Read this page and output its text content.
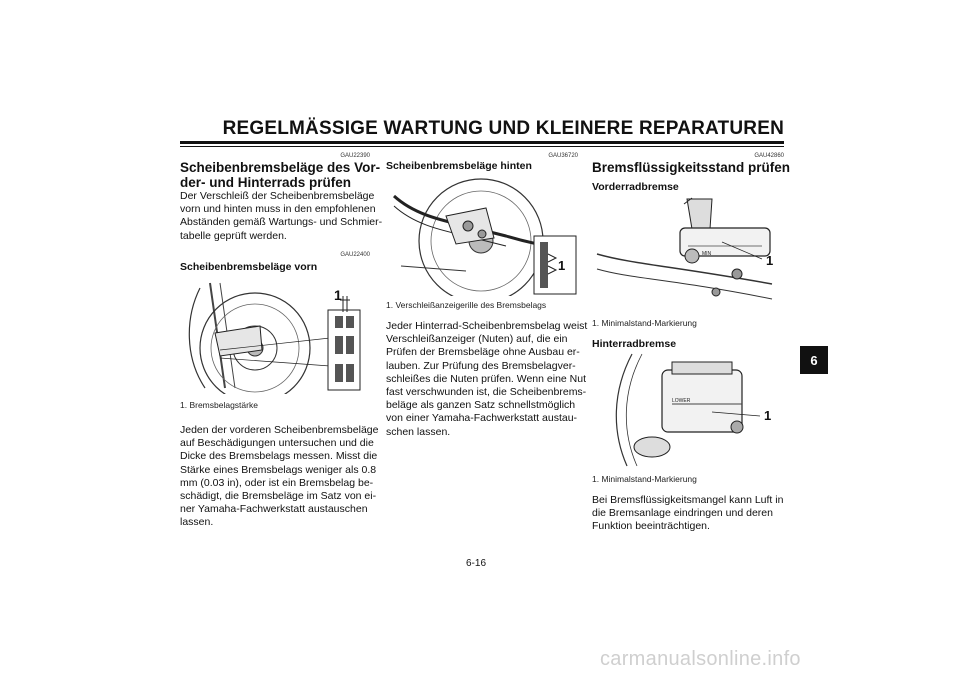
REGELMÄSSIGE WARTUNG UND KLEINERE REPARATUREN
GAU22390
Scheibenbremsbeläge des Vor-
der- und Hinterrads prüfen
Der Verschleiß der Scheibenbremsbeläge
vorn und hinten muss in den empfohlenen
Abständen gemäß Wartungs- und Schmier-
tabelle geprüft werden.
GAU22400
Scheibenbremsbeläge vorn
1
1. Bremsbelagstärke
Jeden der vorderen Scheibenbremsbeläge
auf Beschädigungen untersuchen und die
Dicke des Bremsbelags messen. Misst die
Stärke eines Bremsbelags weniger als 0.8
mm (0.03 in), oder ist ein Bremsbelag be-
schädigt, die Bremsbeläge im Satz von ei-
ner Yamaha-Fachwerkstatt austauschen
lassen.
GAU36720
Scheibenbremsbeläge hinten
1
1. Verschleißanzeigerille des Bremsbelags
Jeder Hinterrad-Scheibenbremsbelag weist
Verschleißanzeiger (Nuten) auf, die ein
Prüfen der Bremsbeläge ohne Ausbau er-
lauben. Zur Prüfung des Bremsbelagver-
schleißes die Nuten prüfen. Wenn eine Nut
fast verschwunden ist, die Scheibenbrems-
beläge als ganzen Satz schnellstmöglich
von einer Yamaha-Fachwerkstatt austau-
schen lassen.
GAU42860
Bremsflüssigkeitsstand prüfen
Vorderradbremse
MIN	1
1. Minimalstand-Markierung
Hinterradbremse
LOWER
1
1. Minimalstand-Markierung
Bei Bremsflüssigkeitsmangel kann Luft in
die Bremsanlage eindringen und deren
Funktion beeinträchtigen.
6
6-16
carmanualsonline.info
